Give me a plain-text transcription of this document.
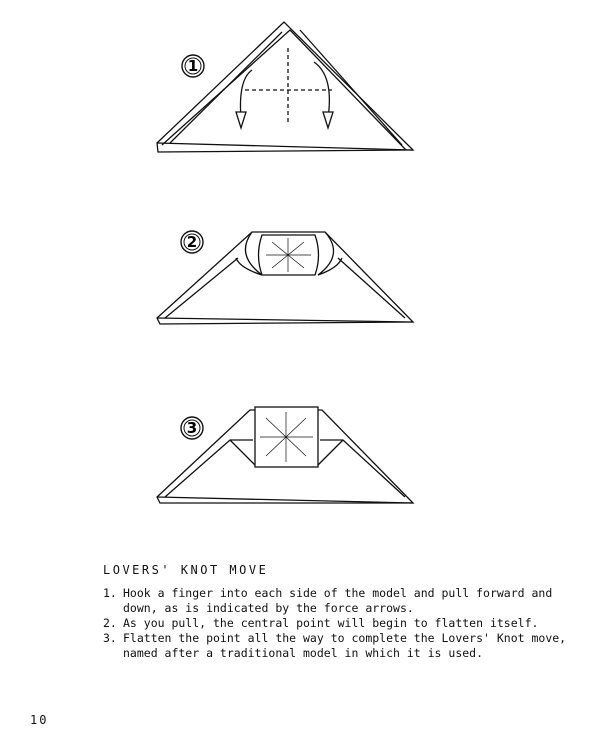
1
2
3
LOVERS' KNOT MOVE
1. Hook a finger into each side of the model and pull forward and down, as is indicated by the force arrows.
2. As you pull, the central point will begin to flatten itself.
3. Flatten the point all the way to complete the Lovers' Knot move, named after a traditional model in which it is used.
10
